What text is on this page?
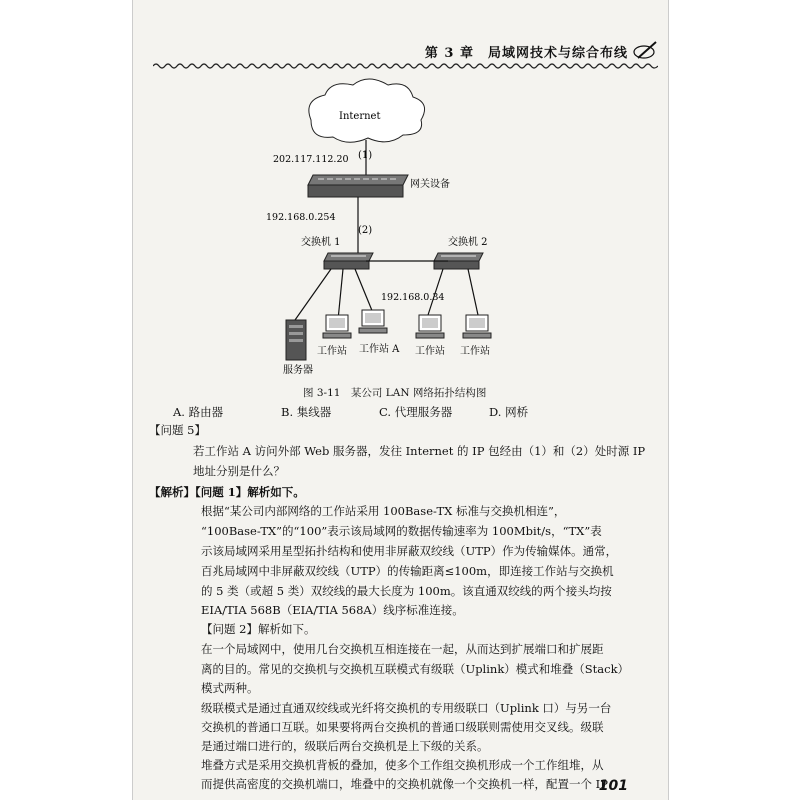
第 3 章　局域网技术与综合布线
Internet
202.117.112.20 (1)
网关设备
192.168.0.254
(2)
交换机 1	交换机 2
192.168.0.34
服务器
工作站 工作站 A 工作站 工作站
图 3-11　某公司 LAN 网络拓扑结构图
A. 路由器	B. 集线器	C. 代理服务器	D. 网桥
【问题 5】
若工作站 A 访问外部 Web 服务器，发往 Internet 的 IP 包经由（1）和（2）处时源 IP
地址分别是什么？
【解析】【问题 1】解析如下。
根据“某公司内部网络的工作站采用 100Base-TX 标准与交换机相连”，
“100Base-TX”的“100”表示该局域网的数据传输速率为 100Mbit/s，“TX”表
示该局域网采用星型拓扑结构和使用非屏蔽双绞线（UTP）作为传输媒体。通常，
百兆局域网中非屏蔽双绞线（UTP）的传输距离≤100m，即连接工作站与交换机
的 5 类（或超 5 类）双绞线的最大长度为 100m。该直通双绞线的两个接头均按
EIA/TIA 568B（EIA/TIA 568A）线序标准连接。
【问题 2】解析如下。
在一个局域网中，使用几台交换机互相连接在一起，从而达到扩展端口和扩展距
离的目的。常见的交换机与交换机互联模式有级联（Uplink）模式和堆叠（Stack）
模式两种。
级联模式是通过直通双绞线或光纤将交换机的专用级联口（Uplink 口）与另一台
交换机的普通口互联。如果要将两台交换机的普通口级联则需使用交叉线。级联
是通过端口进行的，级联后两台交换机是上下级的关系。
堆叠方式是采用交换机背板的叠加，使多个工作组交换机形成一个工作组堆，从
而提供高密度的交换机端口，堆叠中的交换机就像一个交换机一样，配置一个 IP
101
